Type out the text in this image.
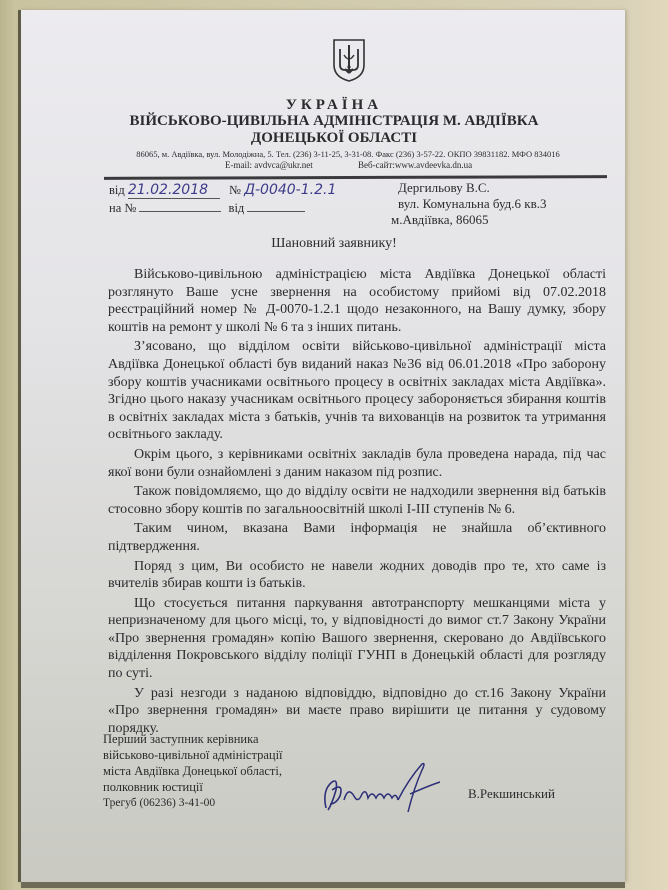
УКРАЇНА
ВІЙСЬКОВО-ЦИВІЛЬНА АДМІНІСТРАЦІЯ М. АВДІЇВКА
ДОНЕЦЬКОЇ ОБЛАСТІ
86065, м. Авдіївка, вул. Молодіжна, 5. Тел. (236) 3-11-25, 3-31-08. Факс (236) 3-57-22. ОКПО 39831182. МФО 834016
E-mail: avdvca@ukr.net	Веб-сайт:www.avdeevka.dn.ua
від 21.02.2018 № Д-0040-1.2.1
на №	від
Дергильову В.С.
вул. Комунальна буд.6 кв.3
м.Авдіївка, 86065
Шановний заявнику!

Військово-цивільною адміністрацією міста Авдіївка Донецької області розглянуто Ваше усне звернення на особистому прийомі від 07.02.2018 реєстраційний номер № Д-0070-1.2.1 щодо незаконного, на Вашу думку, збору коштів на ремонт у школі № 6 та з інших питань.

З’ясовано, що відділом освіти військово-цивільної адміністрації міста Авдіївка Донецької області був виданий наказ №36 від 06.01.2018 «Про заборону збору коштів учасниками освітнього процесу в освітніх закладах міста Авдіївка». Згідно цього наказу учасникам освітнього процесу забороняється збирання коштів в освітніх закладах міста з батьків, учнів та вихованців на розвиток та утримання освітнього закладу.

Окрім цього, з керівниками освітніх закладів була проведена нарада, під час якої вони були ознайомлені з даним наказом під розпис.

Також повідомляємо, що до відділу освіти не надходили звернення від батьків стосовно збору коштів по загальноосвітній школі І-ІІІ ступенів № 6.

Таким чином, вказана Вами інформація не знайшла об’єктивного підтвердження.

Поряд з цим, Ви особисто не навели жодних доводів про те, хто саме із вчителів збирав кошти із батьків.

Що стосується питання паркування автотранспорту мешканцями міста у непризначеному для цього місці, то, у відповідності до вимог ст.7 Закону України «Про звернення громадян» копію Вашого звернення, скеровано до Авдіївського відділення Покровського відділу поліції ГУНП в Донецькій області для розгляду по суті.

У разі незгоди з наданою відповіддю, відповідно до ст.16 Закону України «Про звернення громадян» ви маєте право вирішити це питання у судовому порядку.

Перший заступник керівника
військово-цивільної адміністрації
міста Авдіївка Донецької області,
полковник юстиції
Трегуб (06236) 3-41-00
В.Рекшинський
